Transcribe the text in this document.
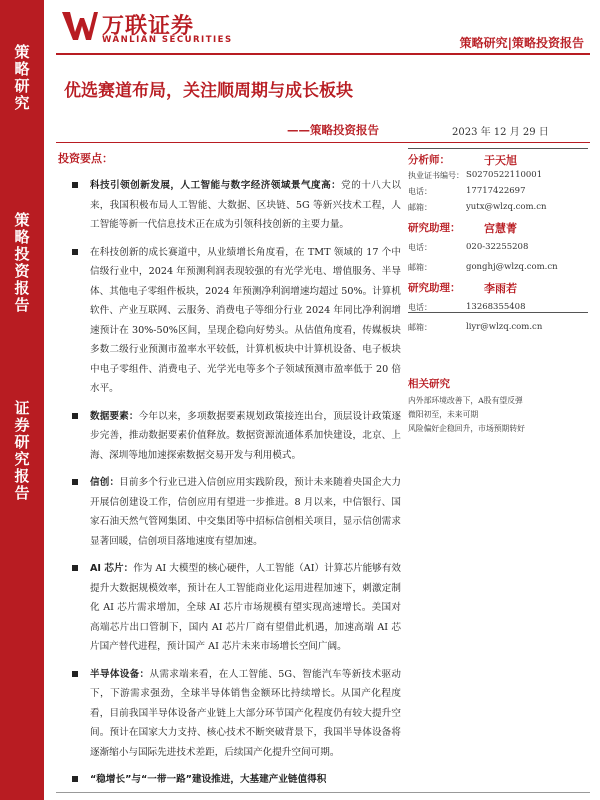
策
略
研
究
策
略
投
资
报
告
证
券
研
究
报
告
万联证券
WANLIAN SECURITIES	策略研究|策略投资报告
优选赛道布局，关注顺周期与成长板块
——策略投资报告	2023 年 12 月 29 日
投资要点：
科技引领创新发展，人工智能与数字经济领域景气度高：党的十八大以来，我国积极布局人工智能、大数据、区块链、5G 等新兴技术工程，人工智能等新一代信息技术正在成为引领科技创新的主要力量。
在科技创新的成长赛道中，从业绩增长角度看，在 TMT 领域的 17 个中信级行业中，2024 年预测利润表现较强的有光学光电、增值服务、半导体、其他电子零组件板块，2024 年预测净利润增速均超过 50%。计算机软件、产业互联网、云服务、消费电子等细分行业 2024 年同比净利润增速预计在 30%-50%区间，呈现企稳向好势头。从估值角度看，传媒板块多数二级行业预测市盈率水平较低，计算机板块中计算机设备、电子板块中电子零组件、消费电子、光学光电等多个子领域预测市盈率低于 20 倍水平。
数据要素：今年以来，多项数据要素规划政策接连出台，顶层设计政策逐步完善，推动数据要素价值释放。数据资源流通体系加快建设，北京、上海、深圳等地加速探索数据交易开发与利用模式。
信创：目前多个行业已进入信创应用实践阶段，预计未来随着央国企大力开展信创建设工作，信创应用有望进一步推进。8 月以来，中信银行、国家石油天然气管网集团、中交集团等中招标信创相关项目，显示信创需求显著回暖，信创项目落地速度有望加速。
AI 芯片：作为 AI 大模型的核心硬件，人工智能（AI）计算芯片能够有效提升大数据规模效率，预计在人工智能商业化运用进程加速下，刺激定制化 AI 芯片需求增加，全球 AI 芯片市场规模有望实现高速增长。美国对高端芯片出口管制下，国内 AI 芯片厂商有望借此机遇，加速高端 AI 芯片国产替代进程，预计国产 AI 芯片未来市场增长空间广阔。
半导体设备：从需求端来看，在人工智能、5G、智能汽车等新技术驱动下，下游需求强劲，全球半导体销售金额环比持续增长。从国产化程度看，目前我国半导体设备产业链上大部分环节国产化程度仍有较大提升空间。预计在国家大力支持、核心技术不断突破背景下，我国半导体设备将逐渐缩小与国际先进技术差距，后续国产化提升空间可期。
“稳增长”与“一带一路”建设推进，大基建产业链值得积
分析师：	于天旭
执业证书编号： S0270522110001
电话：	17717422697
邮箱：	yutx@wlzq.com.cn
研究助理： 宫慧菁
电话：	020-32255208
邮箱：	gonghj@wlzq.com.cn
研究助理： 李雨若
电话：	13268355408
邮箱：	liyr@wlzq.com.cn
相关研究
内外部环境改善下，A股有望反弹
微阳初至，未来可期
风险偏好企稳回升，市场预期转好
